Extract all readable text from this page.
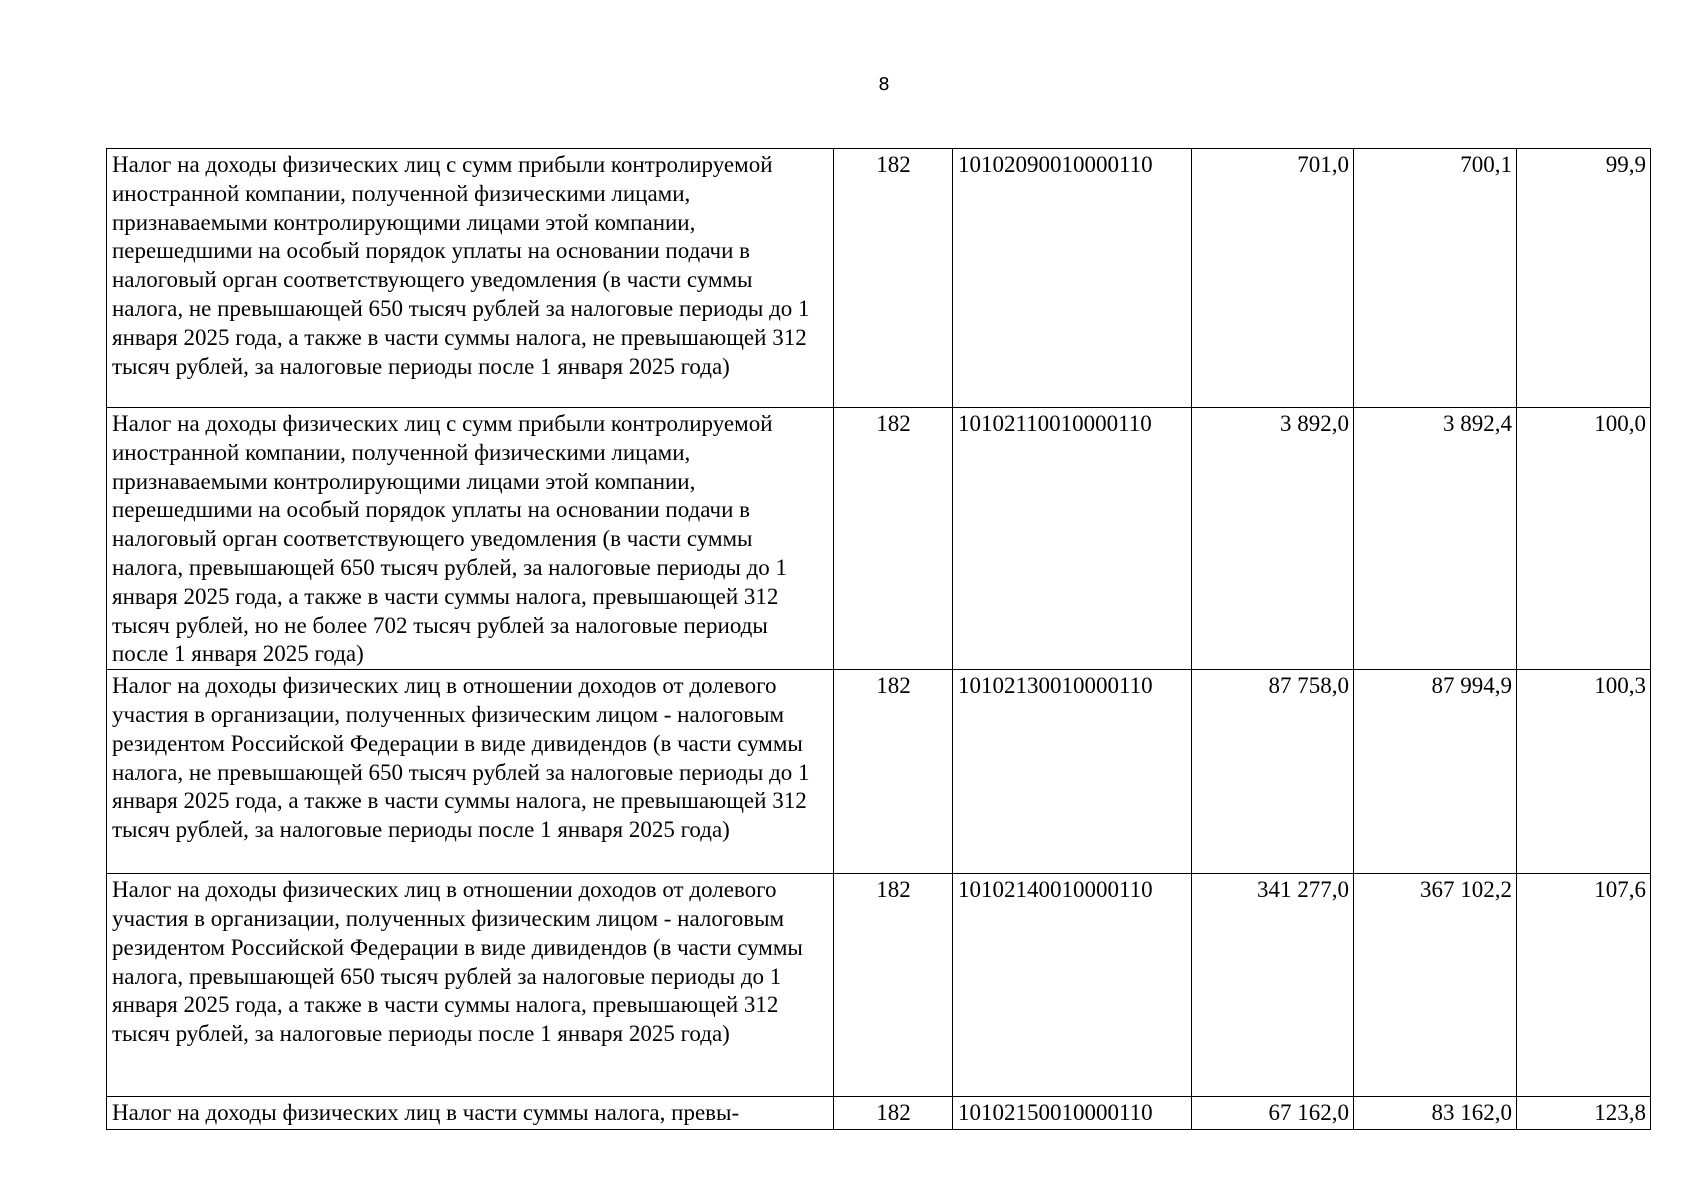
8
Налог на доходы физических лиц с сумм прибыли контролируемой иностранной компании, полученной физическими лицами, признаваемыми контролирующими лицами этой компании, перешедшими на особый порядок уплаты на основании подачи в налоговый орган соответствующего уведомления (в части суммы налога, не превышающей 650 тысяч рублей за налоговые периоды до 1 января 2025 года, а также в части суммы налога, не превышающей 312 тысяч рублей, за налоговые периоды после 1 января 2025 года)	182	10102090010000110	701,0	700,1	99,9
Налог на доходы физических лиц с сумм прибыли контролируемой иностранной компании, полученной физическими лицами, признаваемыми контролирующими лицами этой компании, перешедшими на особый порядок уплаты на основании подачи в налоговый орган соответствующего уведомления (в части суммы налога, превышающей 650 тысяч рублей, за налоговые периоды до 1 января 2025 года, а также в части суммы налога, превышающей 312 тысяч рублей, но не более 702 тысяч рублей за налоговые периоды после 1 января 2025 года)	182	10102110010000110	3 892,0	3 892,4	100,0
Налог на доходы физических лиц в отношении доходов от долевого участия в организации, полученных физическим лицом - налоговым резидентом Российской Федерации в виде дивидендов (в части суммы налога, не превышающей 650 тысяч рублей за налоговые периоды до 1 января 2025 года, а также в части суммы налога, не превышающей 312 тысяч рублей, за налоговые периоды после 1 января 2025 года)	182	10102130010000110	87 758,0	87 994,9	100,3
Налог на доходы физических лиц в отношении доходов от долевого участия в организации, полученных физическим лицом - налоговым резидентом Российской Федерации в виде дивидендов (в части суммы налога, превышающей 650 тысяч рублей за налоговые периоды до 1 января 2025 года, а также в части суммы налога, превышающей 312 тысяч рублей, за налоговые периоды после 1 января 2025 года)	182	10102140010000110	341 277,0	367 102,2	107,6
Налог на доходы физических лиц в части суммы налога, превы-	182	10102150010000110	67 162,0	83 162,0	123,8
